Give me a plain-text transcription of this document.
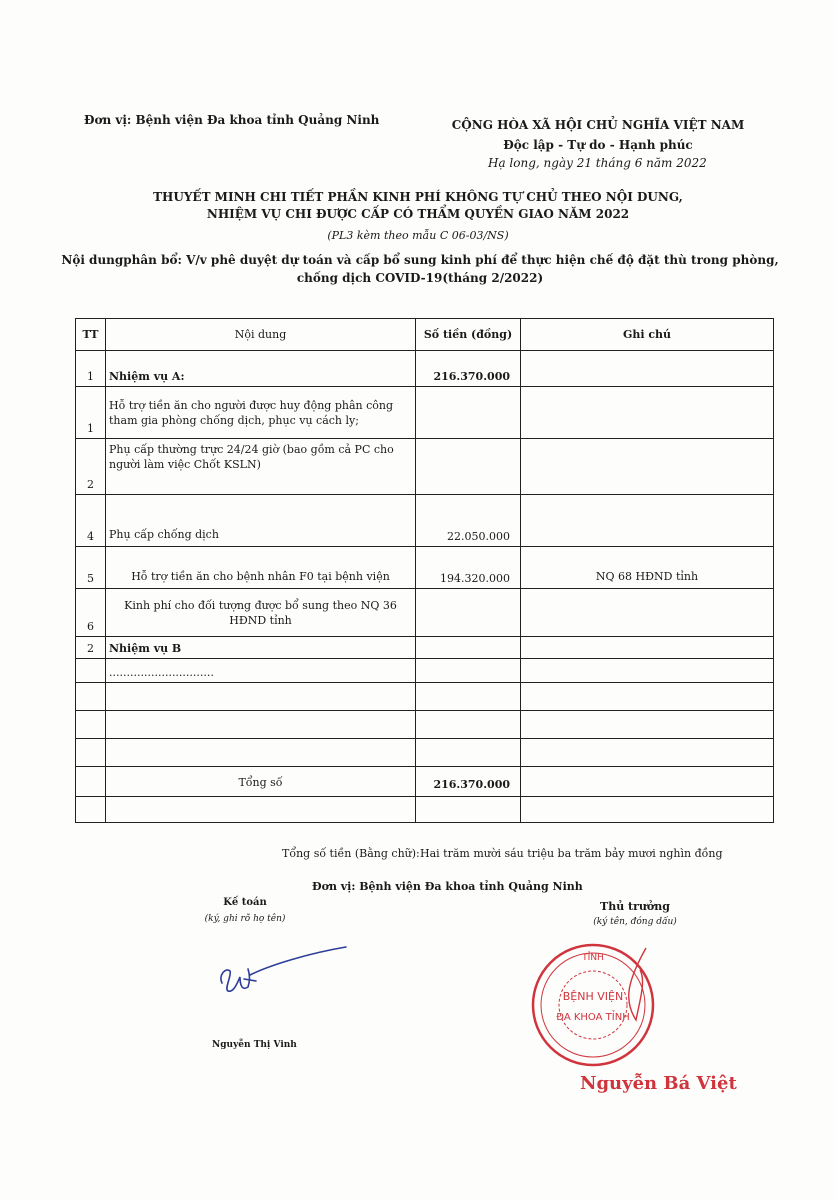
Đơn vị: Bệnh viện Đa khoa tỉnh Quảng Ninh	CỘNG HÒA XÃ HỘI CHỦ NGHĨA VIỆT NAM
Độc lập - Tự do - Hạnh phúc
Hạ long, ngày 21 tháng 6 năm 2022
THUYẾT MINH CHI TIẾT PHẦN KINH PHÍ KHÔNG TỰ CHỦ THEO NỘI DUNG,
NHIỆM VỤ CHI ĐƯỢC CẤP CÓ THẨM QUYỀN GIAO NĂM 2022
(PL3 kèm theo mẫu C 06-03/NS)
Nội dungphân bổ: V/v phê duyệt dự toán và cấp bổ sung kinh phí để thực hiện chế độ đặt thù trong phòng,
chống dịch COVID-19(tháng 2/2022)
TT	Nội dung	Số tiền (đồng)	Ghi chú
1	Nhiệm vụ A:	216.370.000	
1	Hỗ trợ tiền ăn cho người được huy động phân công tham gia phòng chống dịch, phục vụ cách ly;		
2	Phụ cấp thường trực 24/24 giờ (bao gồm cả PC cho người làm việc Chốt KSLN)		
4	Phụ cấp chống dịch	22.050.000	
5	Hỗ trợ tiền ăn cho bệnh nhân F0 tại bệnh viện	194.320.000	NQ 68 HĐND tỉnh
6	Kinh phí cho đối tượng được bổ sung theo NQ 36 HĐND tỉnh		
2	Nhiệm vụ B		
	..............................		

	Tổng số	216.370.000	

Tổng số tiền (Bằng chữ): Hai trăm mười sáu triệu ba trăm bảy mươi nghìn đồng
Đơn vị: Bệnh viện Đa khoa tỉnh Quảng Ninh
Kế toán
(ký, ghi rõ họ tên)
Nguyễn Thị Vinh
Thủ trưởng
(ký tên, đóng dấu)
TỈNH
BỆNH VIỆN
ĐA KHOA TỈNH
Nguyễn Bá Việt
